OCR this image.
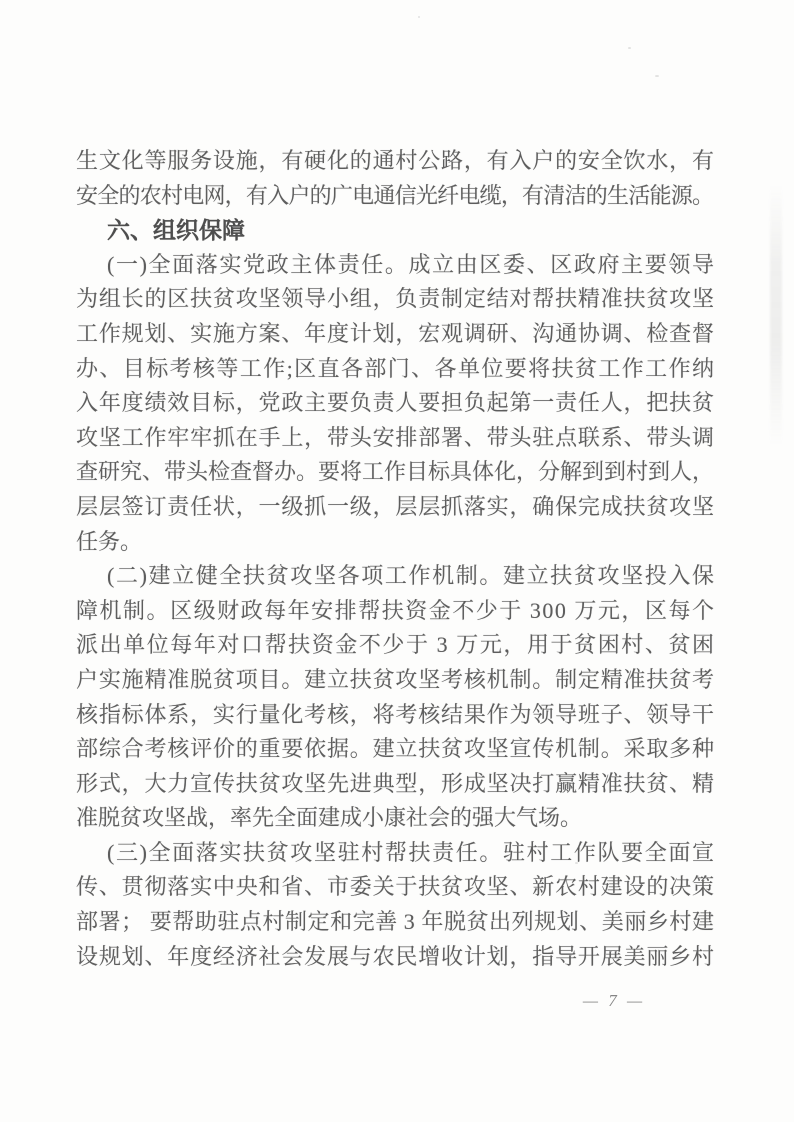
生文化等服务设施，有硬化的通村公路，有入户的安全饮水，有
安全的农村电网，有入户的广电通信光纤电缆，有清洁的生活能源。
六、组织保障
(一)全面落实党政主体责任。成立由区委、区政府主要领导
为组长的区扶贫攻坚领导小组，负责制定结对帮扶精准扶贫攻坚
工作规划、实施方案、年度计划，宏观调研、沟通协调、检查督
办、目标考核等工作;区直各部门、各单位要将扶贫工作工作纳
入年度绩效目标，党政主要负责人要担负起第一责任人，把扶贫
攻坚工作牢牢抓在手上，带头安排部署、带头驻点联系、带头调
查研究、带头检查督办。要将工作目标具体化，分解到到村到人，
层层签订责任状，一级抓一级，层层抓落实，确保完成扶贫攻坚
任务。
(二)建立健全扶贫攻坚各项工作机制。建立扶贫攻坚投入保
障机制。区级财政每年安排帮扶资金不少于 300 万元，区每个
派出单位每年对口帮扶资金不少于 3 万元，用于贫困村、贫困
户实施精准脱贫项目。建立扶贫攻坚考核机制。制定精准扶贫考
核指标体系，实行量化考核，将考核结果作为领导班子、领导干
部综合考核评价的重要依据。建立扶贫攻坚宣传机制。采取多种
形式，大力宣传扶贫攻坚先进典型，形成坚决打赢精准扶贫、精
准脱贫攻坚战，率先全面建成小康社会的强大气场。
(三)全面落实扶贫攻坚驻村帮扶责任。驻村工作队要全面宣
传、贯彻落实中央和省、市委关于扶贫攻坚、新农村建设的决策
部署； 要帮助驻点村制定和完善 3 年脱贫出列规划、美丽乡村建
设规划、年度经济社会发展与农民增收计划，指导开展美丽乡村
— 7 —
